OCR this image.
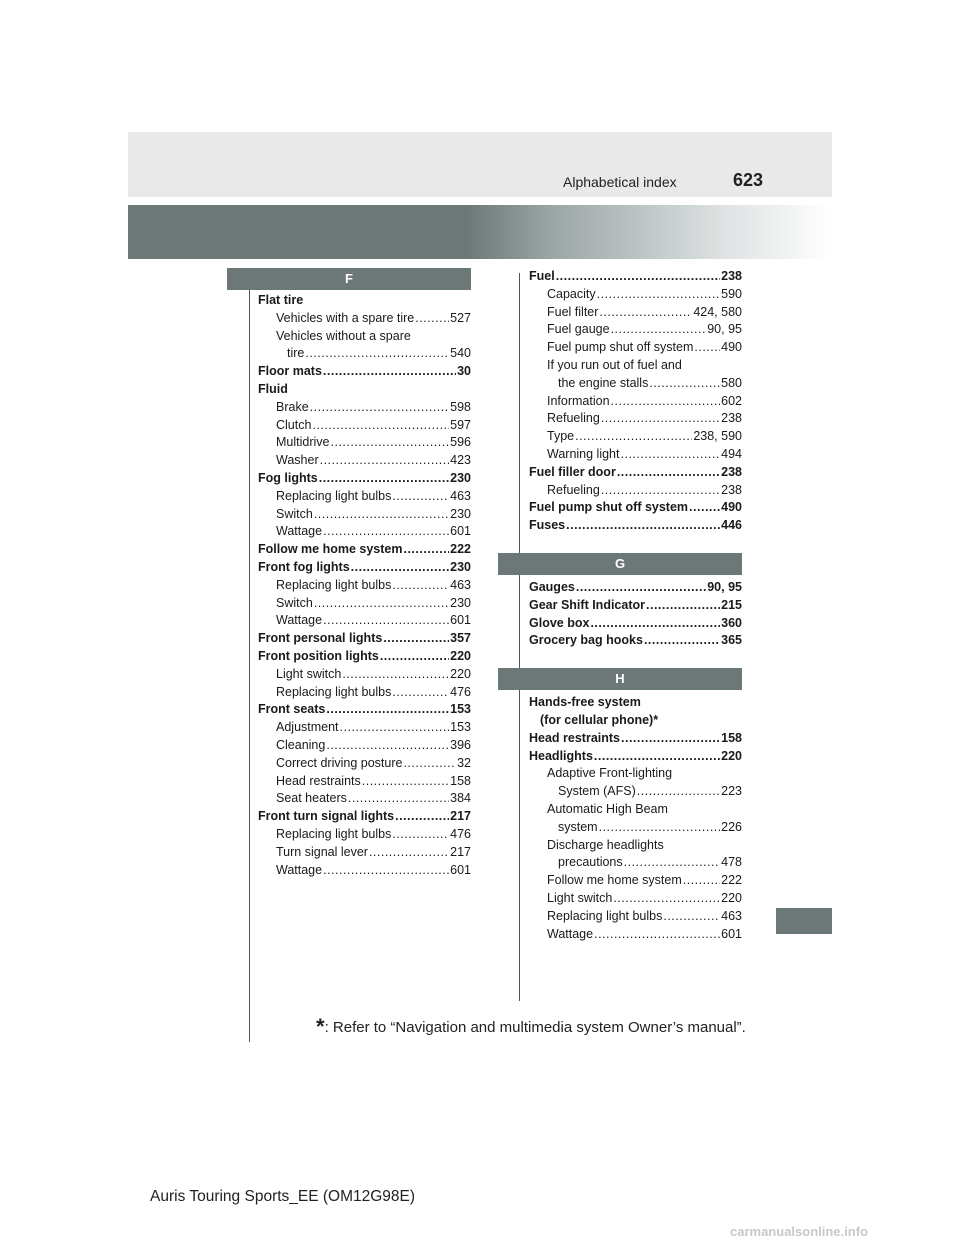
Alphabetical index	623
F
Flat tire
Vehicles with a spare tire .....	527
Vehicles without a spare
tire .....	540
Floor mats .....	30
Fluid
Brake .....	598
Clutch .....	597
Multidrive .....	596
Washer .....	423
Fog lights .....	230
Replacing light bulbs .....	463
Switch .....	230
Wattage .....	601
Follow me home system .....	222
Front fog lights .....	230
Replacing light bulbs .....	463
Switch .....	230
Wattage .....	601
Front personal lights .....	357
Front position lights .....	220
Light switch .....	220
Replacing light bulbs .....	476
Front seats .....	153
Adjustment .....	153
Cleaning .....	396
Correct driving posture .....	32
Head restraints .....	158
Seat heaters .....	384
Front turn signal lights .....	217
Replacing light bulbs .....	476
Turn signal lever .....	217
Wattage .....	601
Fuel .....	238
Capacity .....	590
Fuel filter .....	424, 580
Fuel gauge .....	90, 95
Fuel pump shut off system ..... 490
If you run out of fuel and
the engine stalls .....	580
Information .....	602
Refueling .....	238
Type .....	238, 590
Warning light .....	494
Fuel filler door .....	238
Refueling .....	238
Fuel pump shut off system .....	490
Fuses .....	446
G
Gauges .....	90, 95
Gear Shift Indicator .....	215
Glove box .....	360
Grocery bag hooks .....	365
H
Hands-free system
(for cellular phone)*
Head restraints .....	158
Headlights .....	220
Adaptive Front-lighting
System (AFS) .....	223
Automatic High Beam
system .....	226
Discharge headlights
precautions .....	478
Follow me home system .....	222
Light switch .....	220
Replacing light bulbs .....	463
Wattage .....	601
*: Refer to “Navigation and multimedia system Owner’s manual”.
Auris Touring Sports_EE (OM12G98E)
carmanualsonline.info
